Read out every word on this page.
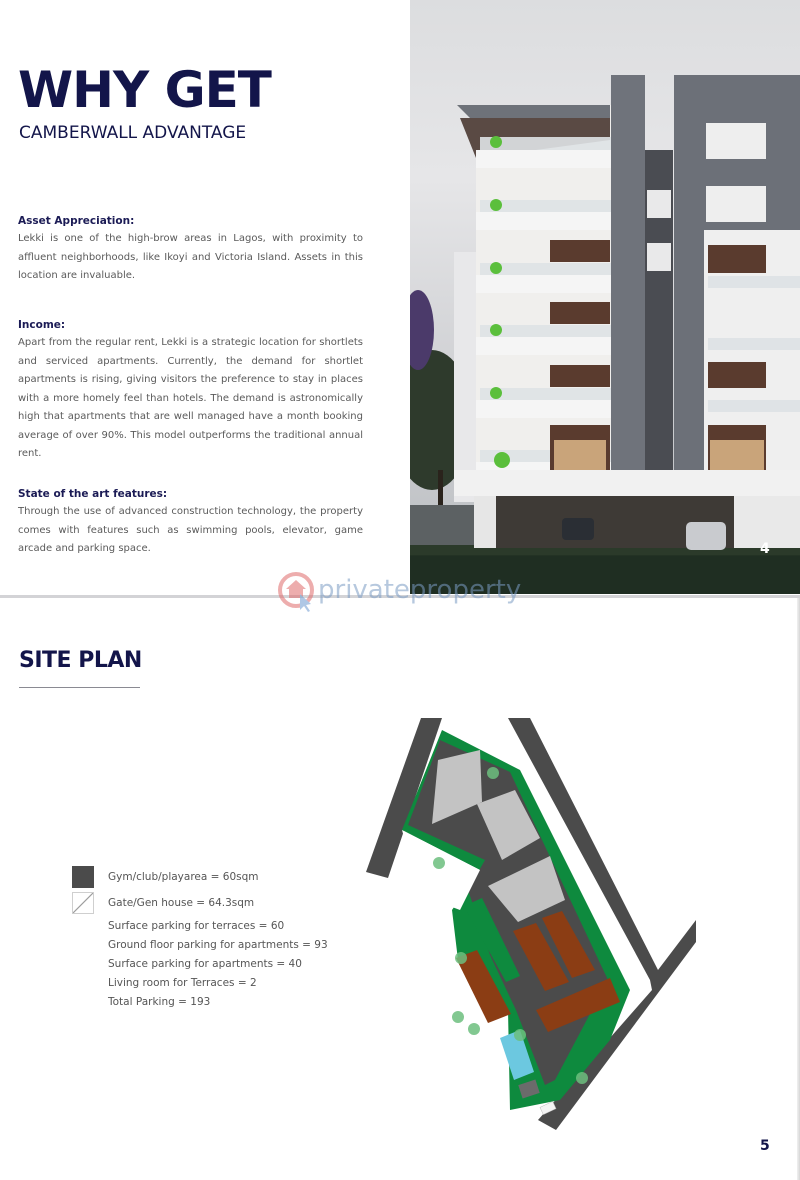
WHY GET
CAMBERWALL ADVANTAGE
Asset Appreciation:

Lekki is one of the high-brow areas in Lagos, with proximity to affluent neighborhoods, like Ikoyi and Victoria Island. Assets in this location are invaluable.

Income:

Apart from the regular rent, Lekki is a strategic location for shortlets and serviced apartments. Currently, the demand for shortlet apartments is rising, giving visitors the preference to stay in places with a more homely feel than hotels. The demand is astronomically high that apartments that are well managed have a month booking average of over 90%. This model outperforms the traditional annual rent.

State of the art features:

Through the use of advanced construction technology, the property comes with features such as swimming pools, elevator, game arcade and parking space.	4
privateproperty
SITE PLAN
Gym/club/playarea = 60sqm
Gate/Gen house = 64.3sqm
Surface parking for terraces = 60
Ground floor parking for apartments = 93
Surface parking for apartments = 40
Living room for Terraces = 2
Total Parking = 193
5
